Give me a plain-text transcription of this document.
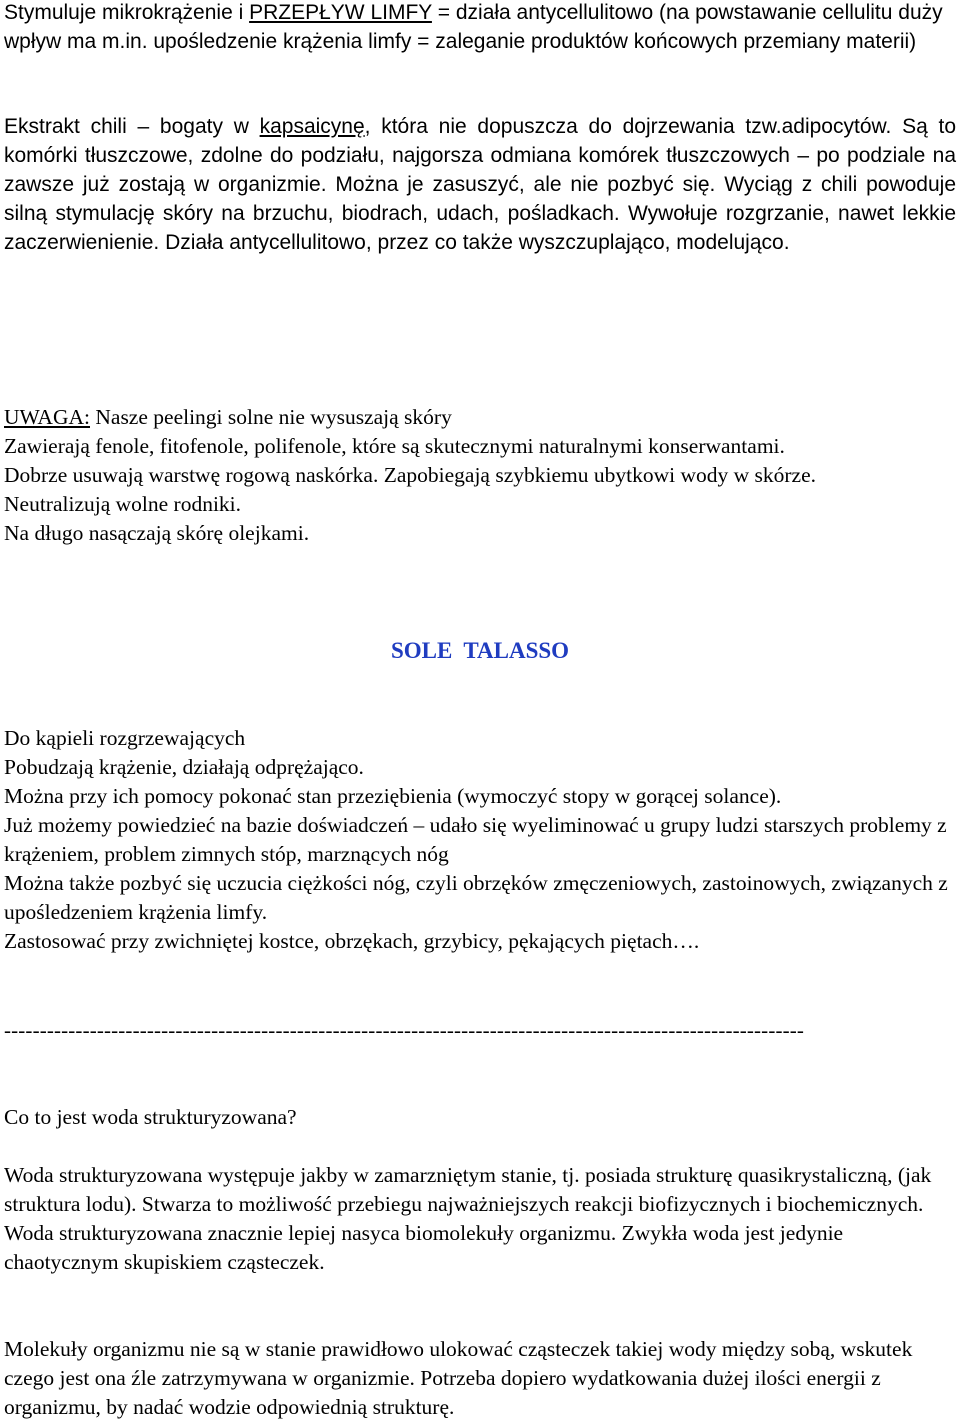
Stymuluje mikrokrążenie i PRZEPŁYW LIMFY = działa antycellulitowo (na powstawanie cellulitu duży wpływ ma m.in. upośledzenie krążenia limfy = zaleganie produktów końcowych przemiany materii)

Ekstrakt chili – bogaty w kapsaicynę, która nie dopuszcza do dojrzewania tzw.adipocytów. Są to komórki tłuszczowe, zdolne do podziału, najgorsza odmiana komórek tłuszczowych – po podziale na zawsze już zostają w organizmie. Można je zasuszyć, ale nie pozbyć się. Wyciąg z chili powoduje silną stymulację skóry na brzuchu, biodrach, udach, pośladkach. Wywołuje rozgrzanie, nawet lekkie zaczerwienienie. Działa antycellulitowo, przez co także wyszczuplająco, modelująco.

UWAGA: Nasze peelingi solne nie wysuszają skóry
Zawierają fenole, fitofenole, polifenole, które są skutecznymi naturalnymi konserwantami.
Dobrze usuwają warstwę rogową naskórka. Zapobiegają szybkiemu ubytkowi wody w skórze.
Neutralizują wolne rodniki.
Na długo nasączają skórę olejkami.
SOLE  TALASSO
Do kąpieli rozgrzewających
Pobudzają krążenie, działają odprężająco.
Można przy ich pomocy pokonać stan przeziębienia (wymoczyć stopy w gorącej solance).
Już możemy powiedzieć na bazie doświadczeń – udało się wyeliminować u grupy ludzi starszych problemy z krążeniem, problem zimnych stóp, marznących nóg
Można także pozbyć się uczucia ciężkości nóg, czyli obrzęków zmęczeniowych, zastoinowych, związanych z upośledzeniem krążenia limfy.
Zastosować przy zwichniętej kostce, obrzękach, grzybicy, pękających piętach….
----------------------------------------------------------------------------------------------------------------

Co to jest woda strukturyzowana?

Woda strukturyzowana występuje jakby w zamarzniętym stanie, tj. posiada strukturę quasikrystaliczną, (jak struktura lodu). Stwarza to możliwość przebiegu najważniejszych reakcji biofizycznych i biochemicznych. Woda strukturyzowana znacznie lepiej nasyca biomolekuły organizmu. Zwykła woda jest jedynie chaotycznym skupiskiem cząsteczek.

Molekuły organizmu nie są w stanie prawidłowo ulokować cząsteczek takiej wody między sobą, wskutek czego jest ona źle zatrzymywana w organizmie. Potrzeba dopiero wydatkowania dużej ilości energii z organizmu, by nadać wodzie odpowiednią strukturę.
